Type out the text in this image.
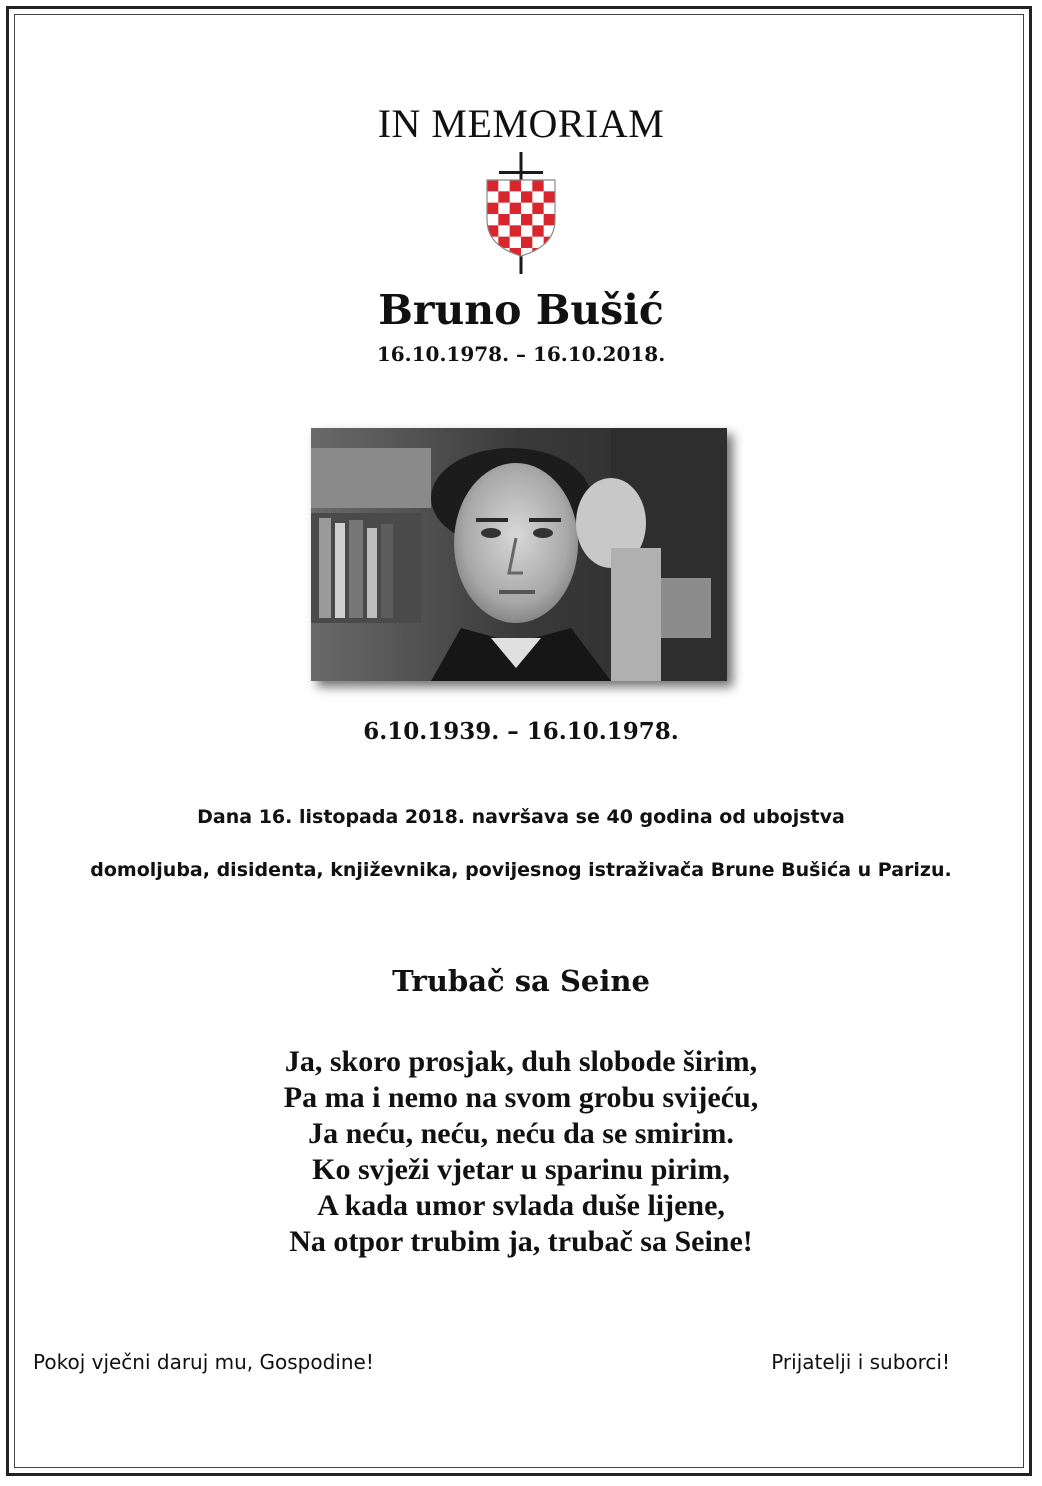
IN MEMORIAM
Bruno Bušić
16.10.1978. – 16.10.2018.
6.10.1939. – 16.10.1978.
Dana 16. listopada 2018. navršava se 40 godina od ubojstva
domoljuba, disidenta, književnika, povijesnog istraživača Brune Bušića u Parizu.
Trubač sa Seine
Ja, skoro prosjak, duh slobode širim,
Pa ma i nemo na svom grobu svijeću,
Ja neću, neću, neću da se smirim.
Ko svježi vjetar u sparinu pirim,
A kada umor svlada duše lijene,
Na otpor trubim ja, trubač sa Seine!
Pokoj vječni daruj mu, Gospodine!	Prijatelji i suborci!
